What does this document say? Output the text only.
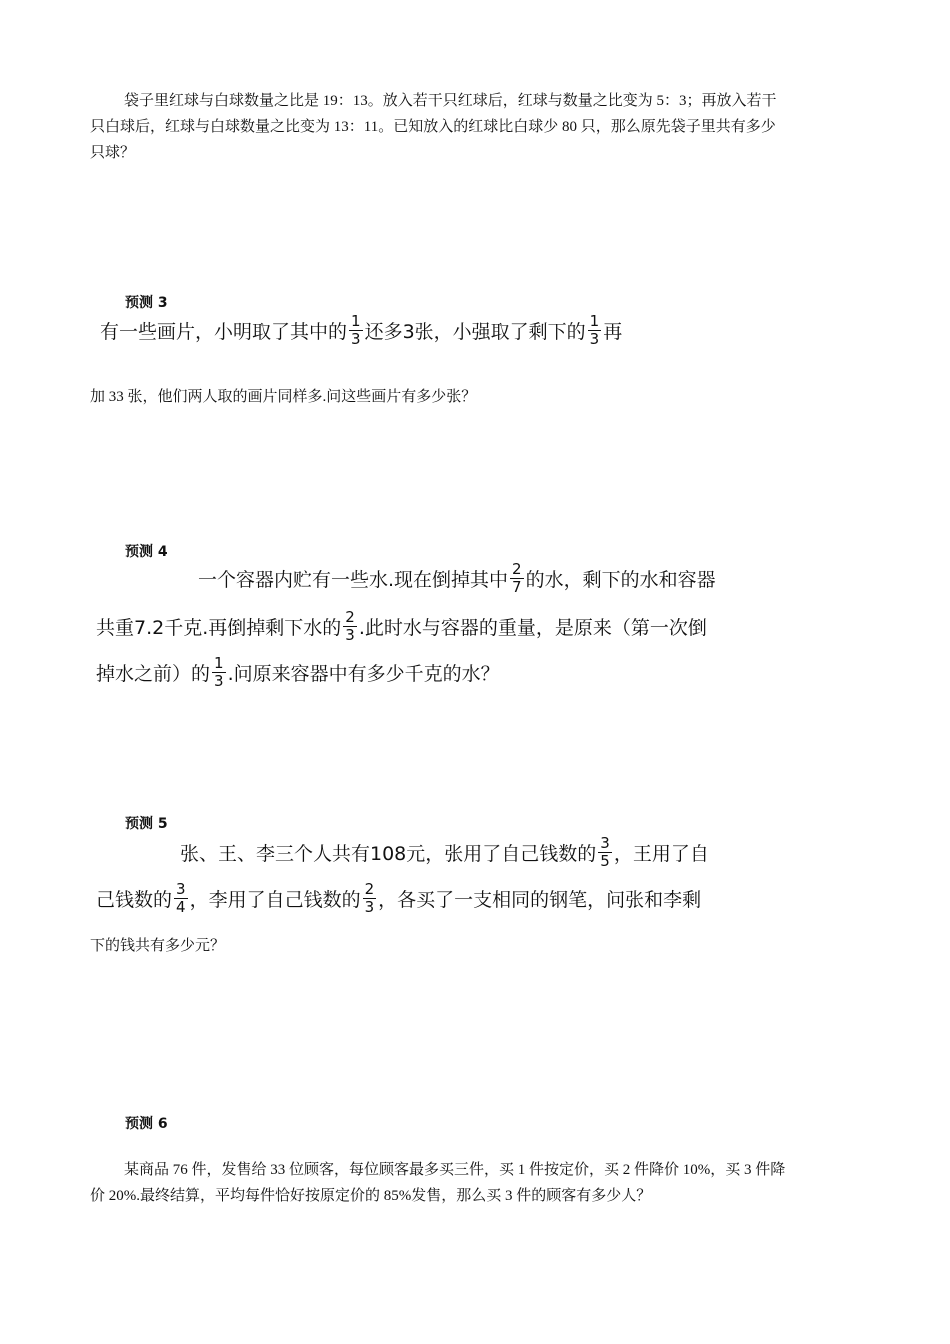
袋子里红球与白球数量之比是 19：13。放入若干只红球后，红球与数量之比变为 5：3；再放入若干
只白球后，红球与白球数量之比变为 13：11。已知放入的红球比白球少 80 只，那么原先袋子里共有多少
只球？
预测 3
有一些画片，小明取了其中的 $\frac{1}{3}$ 还多3张，小强取了剩下的 $\frac{1}{3}$ 再
加 33 张，他们两人取的画片同样多.问这些画片有多少张？
预测 4
一个容器内贮有一些水.现在倒掉其中 $\frac{2}{7}$ 的水，剩下的水和容器
共重7.2千克.再倒掉剩下水的 $\frac{2}{3}$ .此时水与容器的重量，是原来（第一次倒
掉水之前）的 $\frac{1}{3}$ .问原来容器中有多少千克的水？
预测 5
张、王、李三个人共有108元，张用了自己钱数的 $\frac{3}{5}$ ，王用了自
己钱数的 $\frac{3}{4}$ ，李用了自己钱数的 $\frac{2}{3}$ ，各买了一支相同的钢笔，问张和李剩
下的钱共有多少元？
预测 6
某商品 76 件，发售给 33 位顾客，每位顾客最多买三件，买 1 件按定价，买 2 件降价 10%，买 3 件降
价 20%.最终结算，平均每件恰好按原定价的 85%发售，那么买 3 件的顾客有多少人？
